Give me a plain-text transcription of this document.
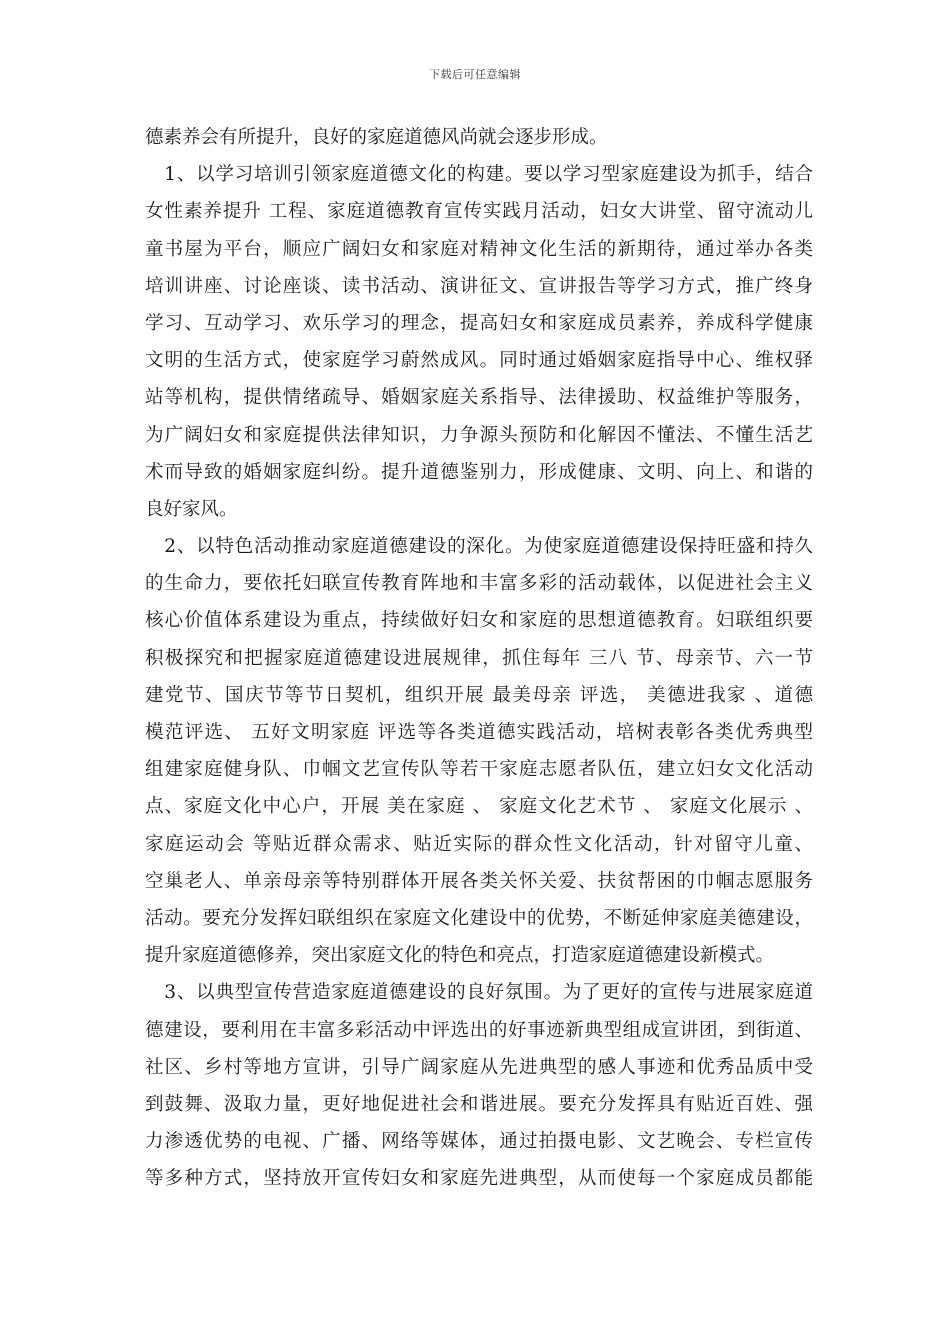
下载后可任意编辑
德素养会有所提升，良好的家庭道德风尚就会逐步形成。
　1、以学习培训引领家庭道德文化的构建。要以学习型家庭建设为抓手，结合
女性素养提升 工程、家庭道德教育宣传实践月活动，妇女大讲堂、留守流动儿
童书屋为平台，顺应广阔妇女和家庭对精神文化生活的新期待，通过举办各类
培训讲座、讨论座谈、读书活动、演讲征文、宣讲报告等学习方式，推广终身
学习、互动学习、欢乐学习的理念，提高妇女和家庭成员素养，养成科学健康
文明的生活方式，使家庭学习蔚然成风。同时通过婚姻家庭指导中心、维权驿
站等机构，提供情绪疏导、婚姻家庭关系指导、法律援助、权益维护等服务，
为广阔妇女和家庭提供法律知识，力争源头预防和化解因不懂法、不懂生活艺
术而导致的婚姻家庭纠纷。提升道德鉴别力，形成健康、文明、向上、和谐的
良好家风。
　2、以特色活动推动家庭道德建设的深化。为使家庭道德建设保持旺盛和持久
的生命力，要依托妇联宣传教育阵地和丰富多彩的活动载体，以促进社会主义
核心价值体系建设为重点，持续做好妇女和家庭的思想道德教育。妇联组织要
积极探究和把握家庭道德建设进展规律，抓住每年 三八 节、母亲节、六一节
建党节、国庆节等节日契机，组织开展 最美母亲 评选， 美德进我家 、道德
模范评选、 五好文明家庭 评选等各类道德实践活动，培树表彰各类优秀典型
组建家庭健身队、巾帼文艺宣传队等若干家庭志愿者队伍，建立妇女文化活动
点、家庭文化中心户，开展 美在家庭 、 家庭文化艺术节 、 家庭文化展示 、
家庭运动会 等贴近群众需求、贴近实际的群众性文化活动，针对留守儿童、
空巢老人、单亲母亲等特别群体开展各类关怀关爱、扶贫帮困的巾帼志愿服务
活动。要充分发挥妇联组织在家庭文化建设中的优势，不断延伸家庭美德建设，
提升家庭道德修养，突出家庭文化的特色和亮点，打造家庭道德建设新模式。
　3、以典型宣传营造家庭道德建设的良好氛围。为了更好的宣传与进展家庭道
德建设，要利用在丰富多彩活动中评选出的好事迹新典型组成宣讲团，到街道、
社区、乡村等地方宣讲，引导广阔家庭从先进典型的感人事迹和优秀品质中受
到鼓舞、汲取力量，更好地促进社会和谐进展。要充分发挥具有贴近百姓、强
力渗透优势的电视、广播、网络等媒体，通过拍摄电影、文艺晚会、专栏宣传
等多种方式，坚持放开宣传妇女和家庭先进典型，从而使每一个家庭成员都能
